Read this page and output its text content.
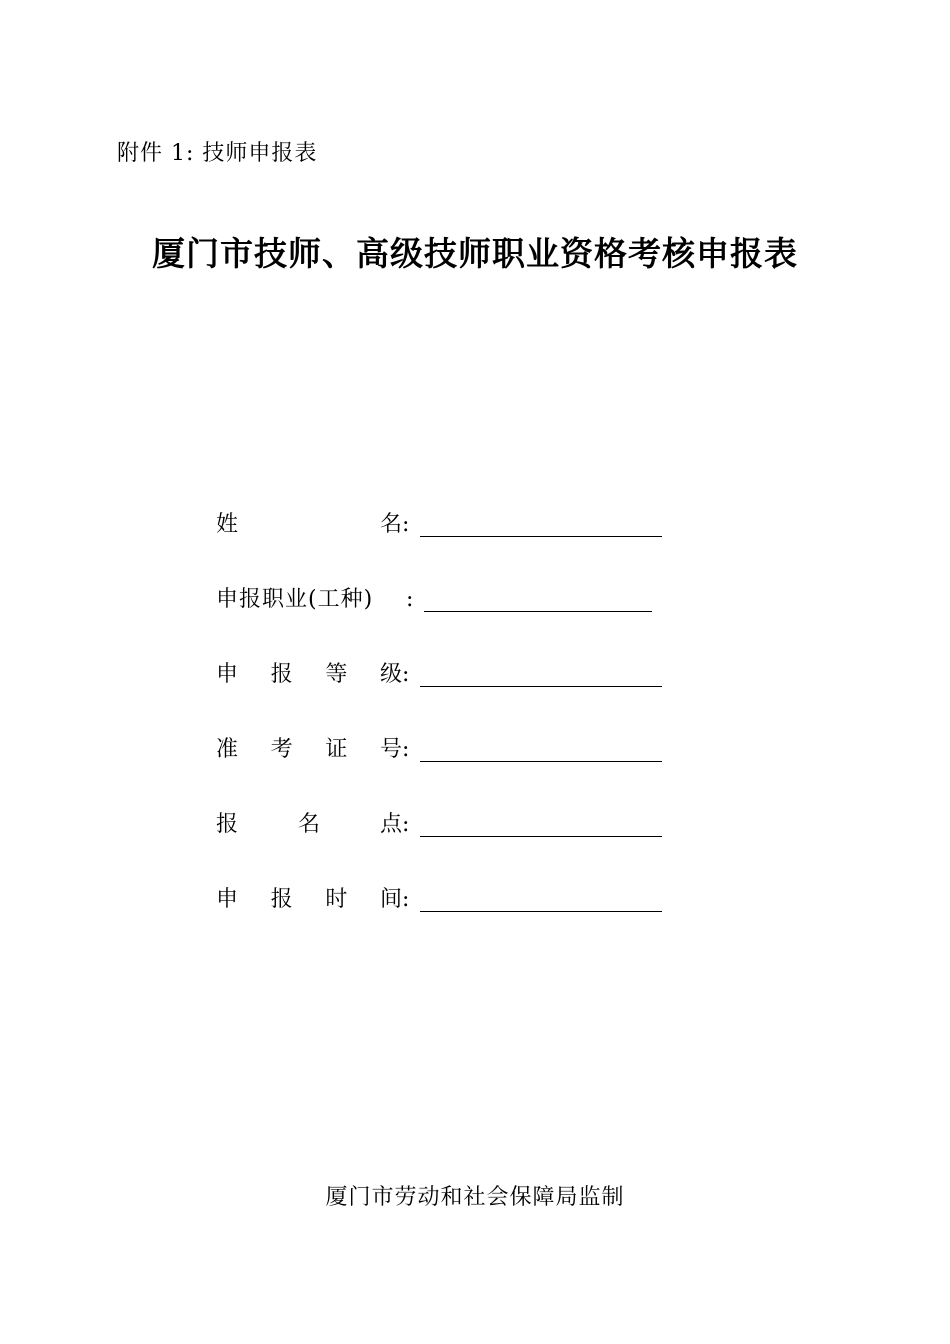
附件 1: 技师申报表
厦门市技师、高级技师职业资格考核申报表
姓	名 :
申报职业(工种)	:
申 报 等 级 :
准 考 证 号 :
报	名	点 :
申 报 时 间 :
厦门市劳动和社会保障局监制
